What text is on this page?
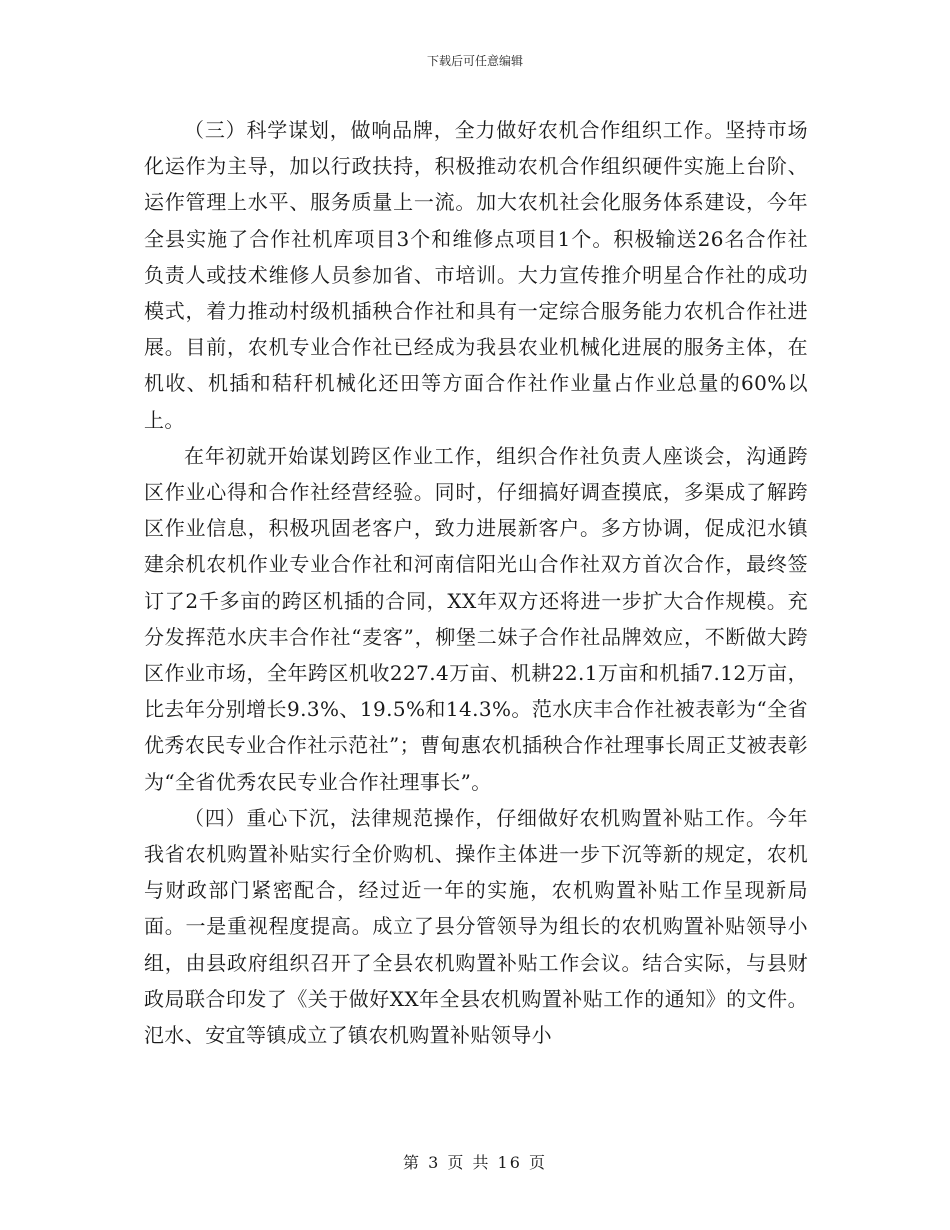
下载后可任意编辑

（三）科学谋划，做响品牌，全力做好农机合作组织工作。坚持市场化运作为主导，加以行政扶持，积极推动农机合作组织硬件实施上台阶、运作管理上水平、服务质量上一流。加大农机社会化服务体系建设，今年全县实施了合作社机库项目3个和维修点项目1个。积极输送26名合作社负责人或技术维修人员参加省、市培训。大力宣传推介明星合作社的成功模式，着力推动村级机插秧合作社和具有一定综合服务能力农机合作社进展。目前，农机专业合作社已经成为我县农业机械化进展的服务主体，在机收、机插和秸秆机械化还田等方面合作社作业量占作业总量的60%以上。

在年初就开始谋划跨区作业工作，组织合作社负责人座谈会，沟通跨区作业心得和合作社经营经验。同时，仔细搞好调查摸底，多渠成了解跨区作业信息，积极巩固老客户，致力进展新客户。多方协调，促成氾水镇建余机农机作业专业合作社和河南信阳光山合作社双方首次合作，最终签订了2千多亩的跨区机插的合同，XX年双方还将进一步扩大合作规模。充分发挥范水庆丰合作社“麦客”，柳堡二妹子合作社品牌效应，不断做大跨区作业市场，全年跨区机收227.4万亩、机耕22.1万亩和机插7.12万亩，比去年分别增长9.3%、19.5%和14.3%。范水庆丰合作社被表彰为“全省优秀农民专业合作社示范社”；曹甸惠农机插秧合作社理事长周正艾被表彰为“全省优秀农民专业合作社理事长”。

（四）重心下沉，法律规范操作，仔细做好农机购置补贴工作。今年我省农机购置补贴实行全价购机、操作主体进一步下沉等新的规定，农机与财政部门紧密配合，经过近一年的实施，农机购置补贴工作呈现新局面。一是重视程度提高。成立了县分管领导为组长的农机购置补贴领导小组，由县政府组织召开了全县农机购置补贴工作会议。结合实际，与县财政局联合印发了《关于做好XX年全县农机购置补贴工作的通知》的文件。氾水、安宜等镇成立了镇农机购置补贴领导小

第 3 页 共 16 页
